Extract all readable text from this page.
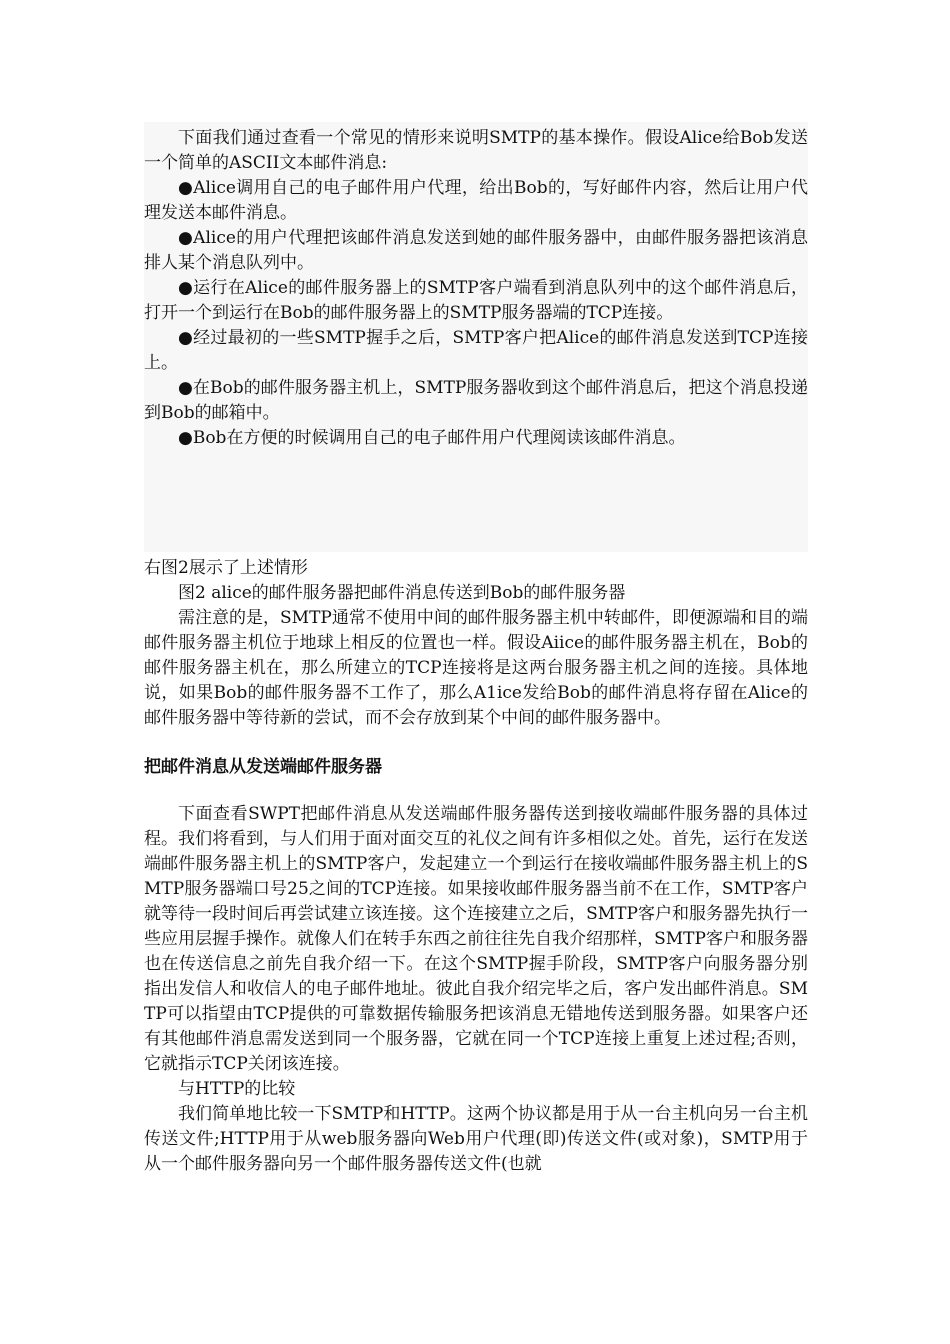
下面我们通过查看一个常见的情形来说明SMTP的基本操作。假设Alice给Bob发送一个简单的ASCII文本邮件消息:

●Alice调用自己的电子邮件用户代理，给出Bob的，写好邮件内容，然后让用户代理发送本邮件消息。

●Alice的用户代理把该邮件消息发送到她的邮件服务器中，由邮件服务器把该消息排人某个消息队列中。

●运行在Alice的邮件服务器上的SMTP客户端看到消息队列中的这个邮件消息后，打开一个到运行在Bob的邮件服务器上的SMTP服务器端的TCP连接。

●经过最初的一些SMTP握手之后，SMTP客户把Alice的邮件消息发送到TCP连接上。

●在Bob的邮件服务器主机上，SMTP服务器收到这个邮件消息后，把这个消息投递到Bob的邮箱中。

●Bob在方便的时候调用自己的电子邮件用户代理阅读该邮件消息。

右图2展示了上述情形

图2 alice的邮件服务器把邮件消息传送到Bob的邮件服务器

需注意的是，SMTP通常不使用中间的邮件服务器主机中转邮件，即便源端和目的端邮件服务器主机位于地球上相反的位置也一样。假设Aiice的邮件服务器主机在，Bob的邮件服务器主机在，那么所建立的TCP连接将是这两台服务器主机之间的连接。具体地说，如果Bob的邮件服务器不工作了，那么A1ice发给Bob的邮件消息将存留在Alice的邮件服务器中等待新的尝试，而不会存放到某个中间的邮件服务器中。

把邮件消息从发送端邮件服务器

下面查看SWPT把邮件消息从发送端邮件服务器传送到接收端邮件服务器的具体过程。我们将看到，与人们用于面对面交互的礼仪之间有许多相似之处。首先，运行在发送端邮件服务器主机上的SMTP客户，发起建立一个到运行在接收端邮件服务器主机上的SMTP服务器端口号25之间的TCP连接。如果接收邮件服务器当前不在工作，SMTP客户就等待一段时间后再尝试建立该连接。这个连接建立之后，SMTP客户和服务器先执行一些应用层握手操作。就像人们在转手东西之前往往先自我介绍那样，SMTP客户和服务器也在传送信息之前先自我介绍一下。在这个SMTP握手阶段，SMTP客户向服务器分别指出发信人和收信人的电子邮件地址。彼此自我介绍完毕之后，客户发出邮件消息。SMTP可以指望由TCP提供的可靠数据传输服务把该消息无错地传送到服务器。如果客户还有其他邮件消息需发送到同一个服务器，它就在同一个TCP连接上重复上述过程;否则，它就指示TCP关闭该连接。

与HTTP的比较

我们简单地比较一下SMTP和HTTP。这两个协议都是用于从一台主机向另一台主机传送文件;HTTP用于从web服务器向Web用户代理(即)传送文件(或对象)，SMTP用于从一个邮件服务器向另一个邮件服务器传送文件(也就
